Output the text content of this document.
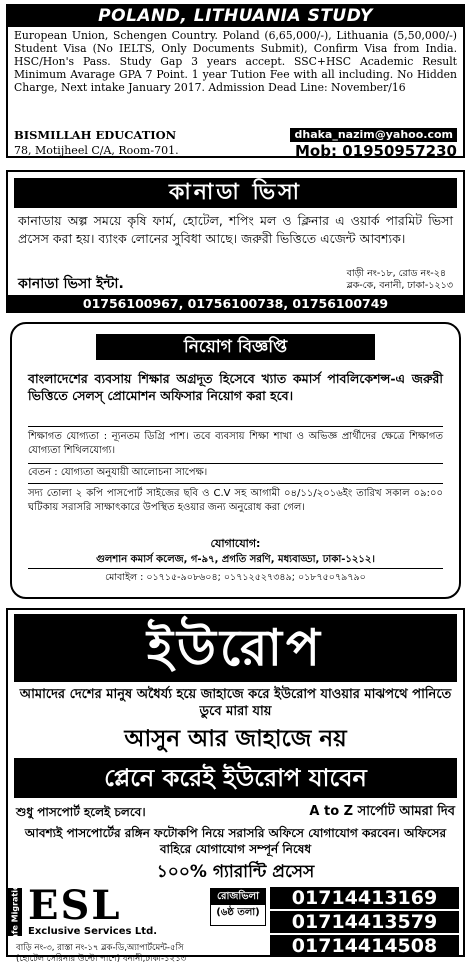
POLAND, LITHUANIA STUDY
European Union, Schengen Country. Poland (6,65,000/-), Lithuania (5,50,000/-) Student Visa (No IELTS, Only Documents Submit), Confirm Visa from India. HSC/Hon's Pass. Study Gap 3 years accept. SSC+HSC Academic Result Minimum Avarage GPA 7 Point. 1 year Tution Fee with all including. No Hidden Charge, Next intake January 2017. Admission Dead Line: November/16
BISMILLAH EDUCATION	dhaka_nazim@yahoo.com
78, Motijheel C/A, Room-701.	Mob: 01950957230
কানাডা ভিসা
কানাডায় অল্প সময়ে কৃষি ফার্ম, হোটেল, শপিং মল ও ক্লিনার এ ওয়ার্ক পারমিট ভিসা প্রসেস করা হয়। ব্যাংক লোনের সুবিধা আছে। জরুরী ভিত্তিতে এজেন্ট আবশ্যক।
কানাডা ভিসা ইন্টা.
বাড়ী নং-১৮, রোড নং-২৪
ব্লক-কে, বনানী, ঢাকা-১২১৩
01756100967, 01756100738, 01756100749
নিয়োগ বিজ্ঞপ্তি
বাংলাদেশের ব্যবসায় শিক্ষার অগ্রদূত হিসেবে খ্যাত কমার্স পাবলিকেশন্স-এ জরুরী ভিত্তিতে সেলস্ প্রোমোশন অফিসার নিয়োগ করা হবে।
শিক্ষাগত যোগ্যতা : ন্যূনতম ডিগ্রি পাশ। তবে ব্যবসায় শিক্ষা শাখা ও অভিজ্ঞ প্রার্থীদের ক্ষেত্রে শিক্ষাগত যোগ্যতা শিথিলযোগ্য।
বেতন : যোগ্যতা অনুযায়ী আলোচনা সাপেক্ষ।
সদ্য তোলা ২ কপি পাসপোর্ট সাইজের ছবি ও C.V সহ আগামী ০৪/১১/২০১৬ইং তারিখ সকাল ০৯:০০ ঘটিকায় সরাসরি সাক্ষাৎকারে উপস্থিত হওয়ার জন্য অনুরোধ করা গেল।
যোগাযোগ:
গুলশান কমার্স কলেজ, গ-৯৭, প্রগতি সরণি, মধ্যবাড্ডা, ঢাকা-১২১২।
মোবাইল : ০১৭১৫-৯০৮৬০৪; ০১৭১২৫২৭৩৪৯; ০১৮৭৫০৭৯৭৯০
ইউরোপ
আমাদের দেশের মানুষ অধৈর্য্য হয়ে জাহাজে করে ইউরোপ যাওয়ার মাঝপথে পানিতে ডুবে মারা যায়
আসুন আর জাহাজে নয়
প্লেনে করেই ইউরোপ যাবেন
শুধু পাসপোর্ট হলেই চলবে।	A to Z সার্পোট আমরা দিব
আবশ্যই পাসপোর্টের রঙ্গিন ফটোকপি নিয়ে সরাসরি অফিসে যোগাযোগ করবেন। অফিসের বাহিরে যোগাযোগ সম্পূর্ন নিষেধ
১০০% গ্যারান্টি প্রসেস
Safe Migration ESL
Exclusive Services Ltd.
বাড়ি নং-৩, রাস্তা নং-১৭ ব্লক-ডি,অ্যাপার্টমেন্ট-৫সি
(হোটেল সেরিনার উল্টো পাশে) বনানী,ঢাকা-১২১৩
রোজভিলা
(৬ষ্ঠ তলা)
01714413169
01714413579
01714414508
